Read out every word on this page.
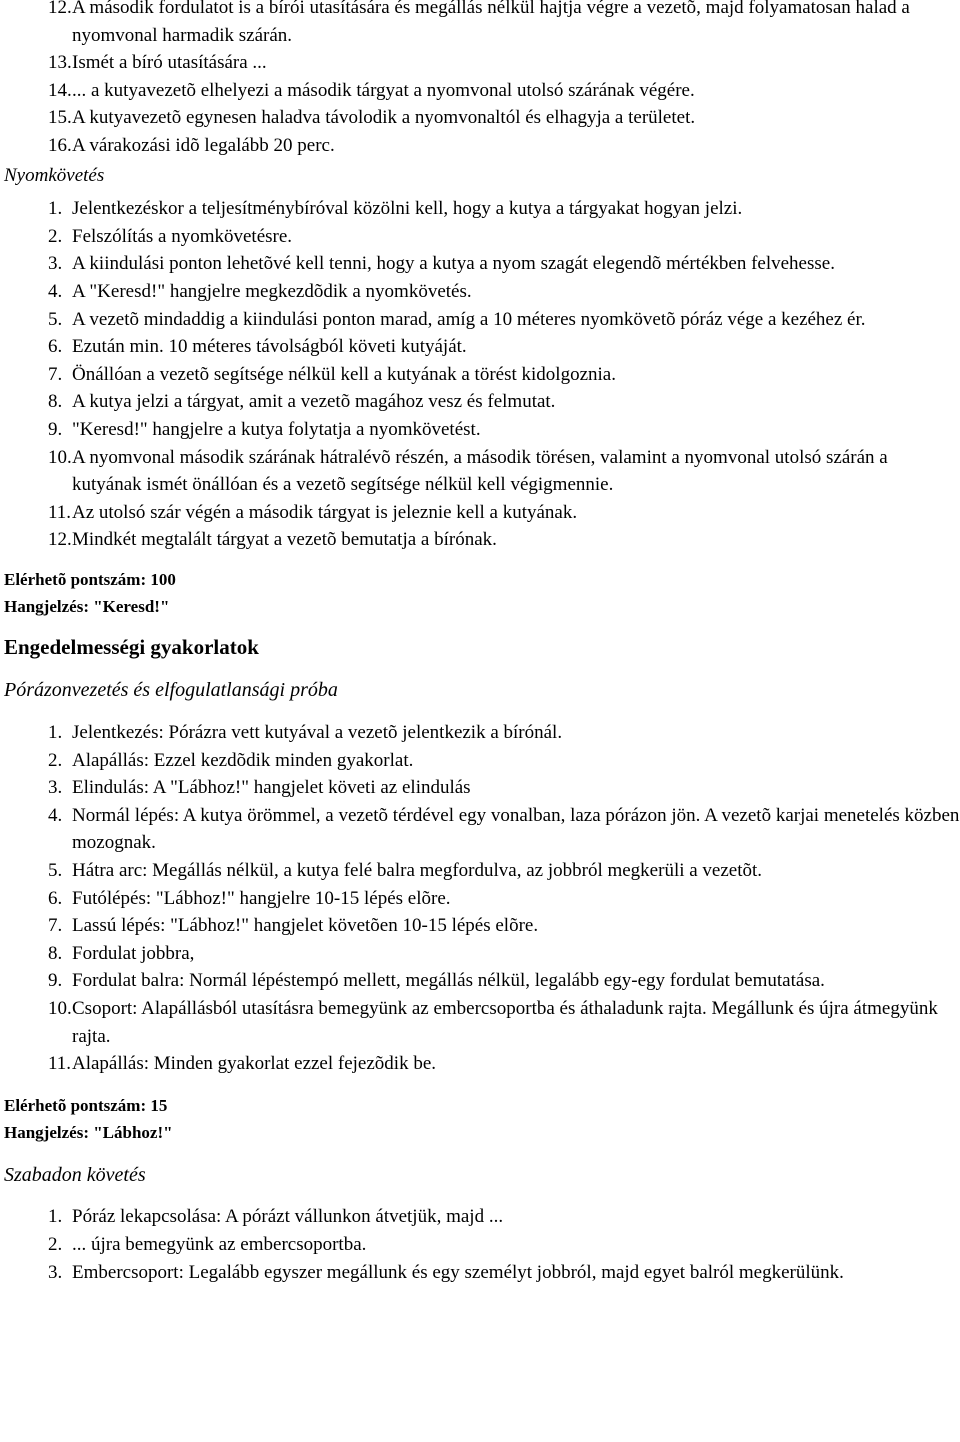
12. A második fordulatot is a bírói utasítására és megállás nélkül hajtja végre a vezetõ, majd folyamatosan halad a nyomvonal harmadik szárán.
13. Ismét a bíró utasítására ...
14. ... a kutyavezetõ elhelyezi a második tárgyat a nyomvonal utolsó szárának végére.
15. A kutyavezetõ egynesen haladva távolodik a nyomvonaltól és elhagyja a területet.
16. A várakozási idõ legalább 20 perc.
Nyomkövetés
1. Jelentkezéskor a teljesítménybíróval közölni kell, hogy a kutya a tárgyakat hogyan jelzi.
2. Felszólítás a nyomkövetésre.
3. A kiindulási ponton lehetõvé kell tenni, hogy a kutya a nyom szagát elegendõ mértékben felvehesse.
4. A "Keresd!" hangjelre megkezdõdik a nyomkövetés.
5. A vezetõ mindaddig a kiindulási ponton marad, amíg a 10 méteres nyomkövetõ póráz vége a kezéhez ér.
6. Ezután min. 10 méteres távolságból követi kutyáját.
7. Önállóan a vezetõ segítsége nélkül kell a kutyának a törést kidolgoznia.
8. A kutya jelzi a tárgyat, amit a vezetõ magához vesz és felmutat.
9. "Keresd!" hangjelre a kutya folytatja a nyomkövetést.
10. A nyomvonal második szárának hátralévõ részén, a második törésen, valamint a nyomvonal utolsó szárán a kutyának ismét önállóan és a vezetõ segítsége nélkül kell végigmennie.
11. Az utolsó szár végén a második tárgyat is jeleznie kell a kutyának.
12. Mindkét megtalált tárgyat a vezetõ bemutatja a bírónak.
Elérhetõ pontszám: 100
Hangjelzés: "Keresd!"
Engedelmességi gyakorlatok
Pórázonvezetés és elfogulatlansági próba
1. Jelentkezés: Pórázra vett kutyával a vezetõ jelentkezik a bírónál.
2. Alapállás: Ezzel kezdõdik minden gyakorlat.
3. Elindulás: A "Lábhoz!" hangjelet követi az elindulás
4. Normál lépés: A kutya örömmel, a vezetõ térdével egy vonalban, laza pórázon jön. A vezetõ karjai menetelés közben mozognak.
5. Hátra arc: Megállás nélkül, a kutya felé balra megfordulva, az jobbról megkerüli a vezetõt.
6. Futólépés: "Lábhoz!" hangjelre 10-15 lépés elõre.
7. Lassú lépés: "Lábhoz!" hangjelet követõen 10-15 lépés elõre.
8. Fordulat jobbra,
9. Fordulat balra: Normál lépéstempó mellett, megállás nélkül, legalább egy-egy fordulat bemutatása.
10. Csoport: Alapállásból utasításra bemegyünk az embercsoportba és áthaladunk rajta. Megállunk és újra átmegyünk rajta.
11. Alapállás: Minden gyakorlat ezzel fejezõdik be.
Elérhetõ pontszám: 15
Hangjelzés: "Lábhoz!"
Szabadon követés
1. Póráz lekapcsolása: A pórázt vállunkon átvetjük, majd ...
2. ... újra bemegyünk az embercsoportba.
3. Embercsoport: Legalább egyszer megállunk és egy személyt jobbról, majd egyet balról megkerülünk.
